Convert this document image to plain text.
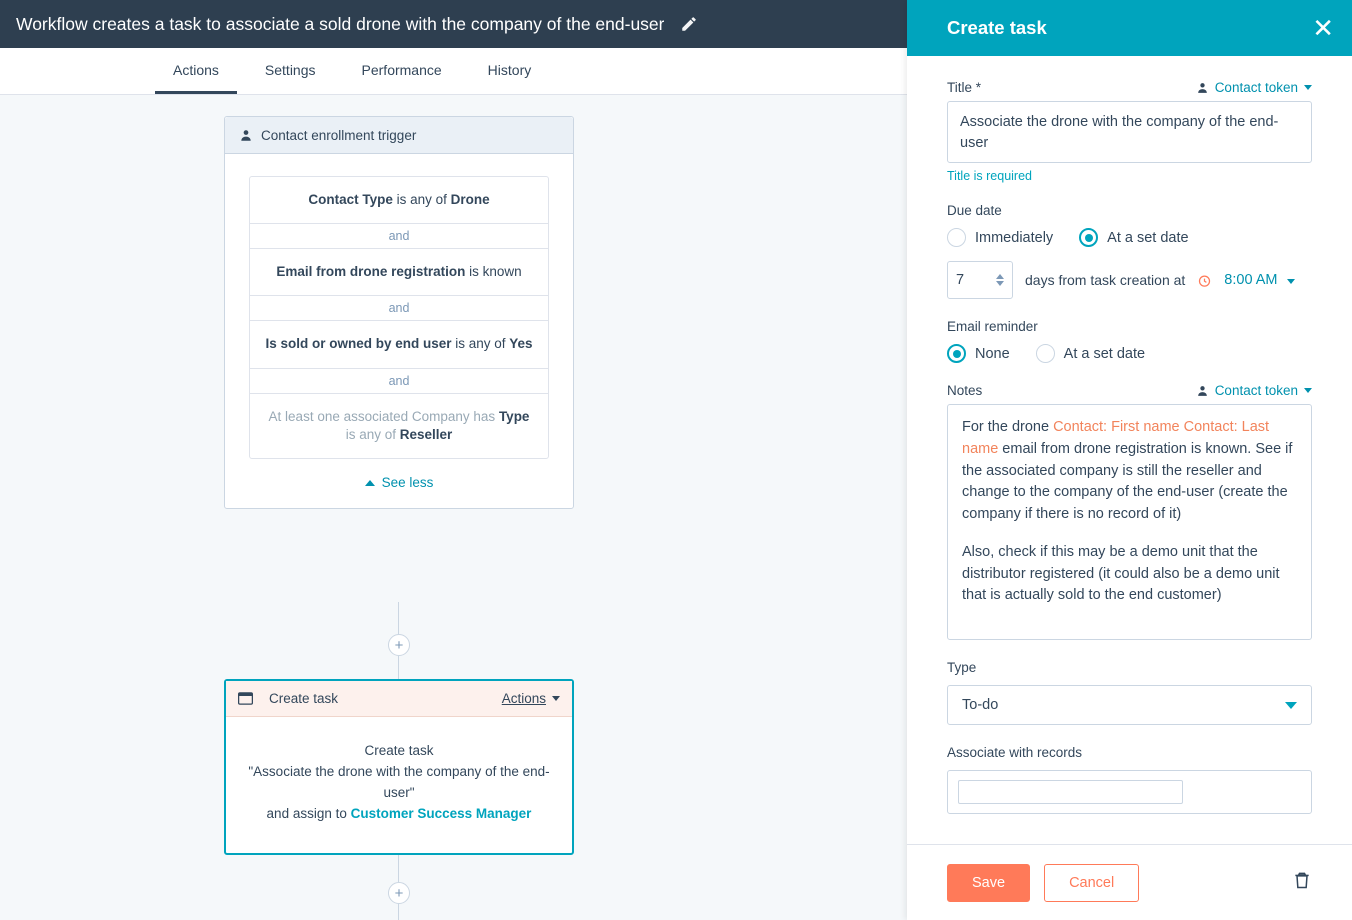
Workflow creates a task to associate a sold drone with the company of the end-user
Actions	Settings	Performance	History
Contact enrollment trigger
Contact Type is any of Drone
and
Email from drone registration is known
and
Is sold or owned by end user is any of Yes
and
At least one associated Company has Type is any of Reseller
See less
+
Create task	Actions
Create task
"Associate the drone with the company of the end-user"
and assign to Customer Success Manager
+
Create task	✕
Title *	Contact token
Associate the drone with the company of the end-user
Title is required
Due date
Immediately	At a set date
7	days from task creation at	8:00 AM
Email reminder
None	At a set date
Notes	Contact token

For the drone Contact: First name Contact: Last name email from drone registration is known. See if the associated company is still the reseller and change to the company of the end-user (create the company if there is no record of it)

Also, check if this may be a demo unit that the distributor registered (it could also be a demo unit that is actually sold to the end customer)

Type
To-do
Associate with records
Save	Cancel
